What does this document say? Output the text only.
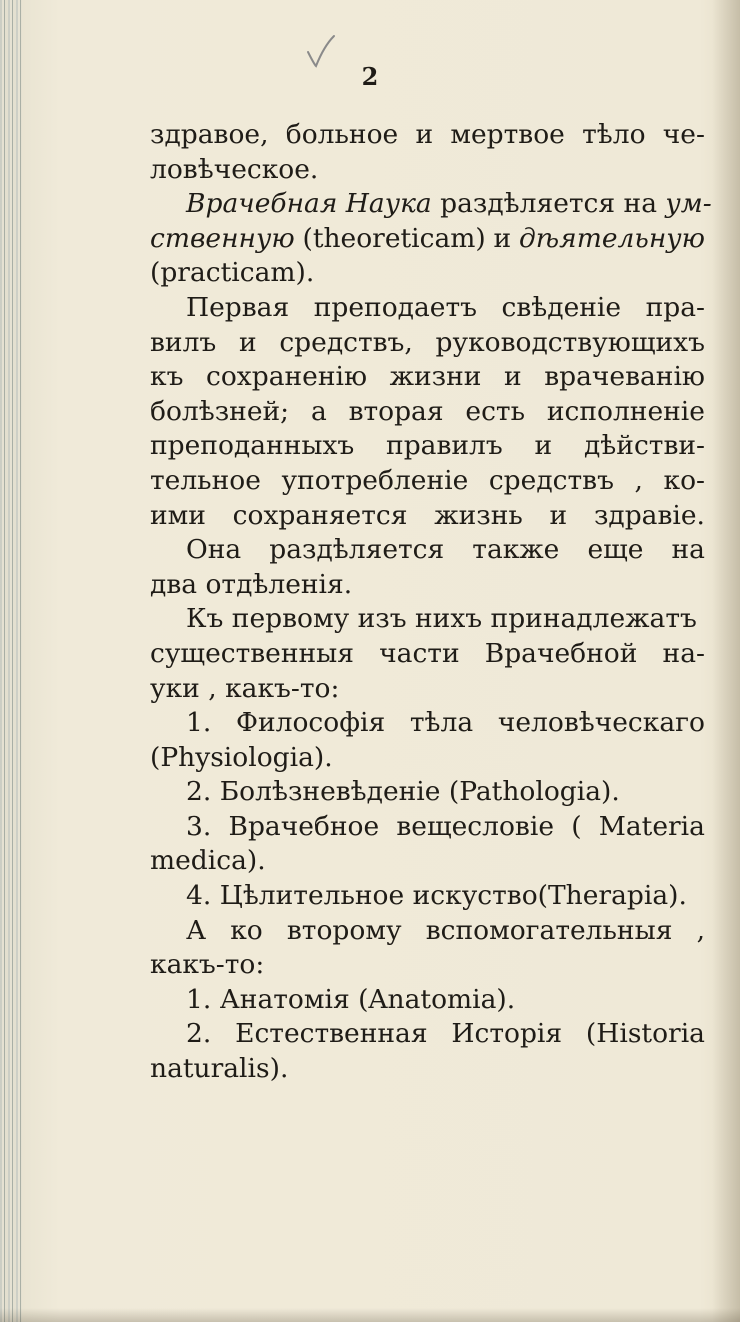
2
здравое, больное и мертвое тѣло че-
ловѣческое.
Врачебная Наука раздѣляется на ум-
ственную (theoreticam) и дѣятельную
(practicam).
Первая преподаетъ свѣденіе пра-
вилъ и средствъ, руководствующихъ
къ сохраненію жизни и врачеванію
болѣзней; а вторая есть исполненіе
преподанныхъ правилъ и дѣйстви-
тельное употребленіе средствъ , ко-
ими сохраняется жизнь и здравіе.
Она раздѣляется также еще на
два отдѣленія.
Къ первому изъ нихъ принадлежатъ
существенныя части Врачебной на-
уки , какъ-то:
1. Философія тѣла человѣческаго
(Physiologia).
2. Болѣзневѣденіе (Pathologia).
3. Врачебное вещесловіе ( Materia
medica).
4. Цѣлительное искуство(Therapia).
А ко второму вспомогательныя ,
какъ-то:
1. Анатомія (Anatomia).
2. Естественная Исторія (Historia
naturalis).
